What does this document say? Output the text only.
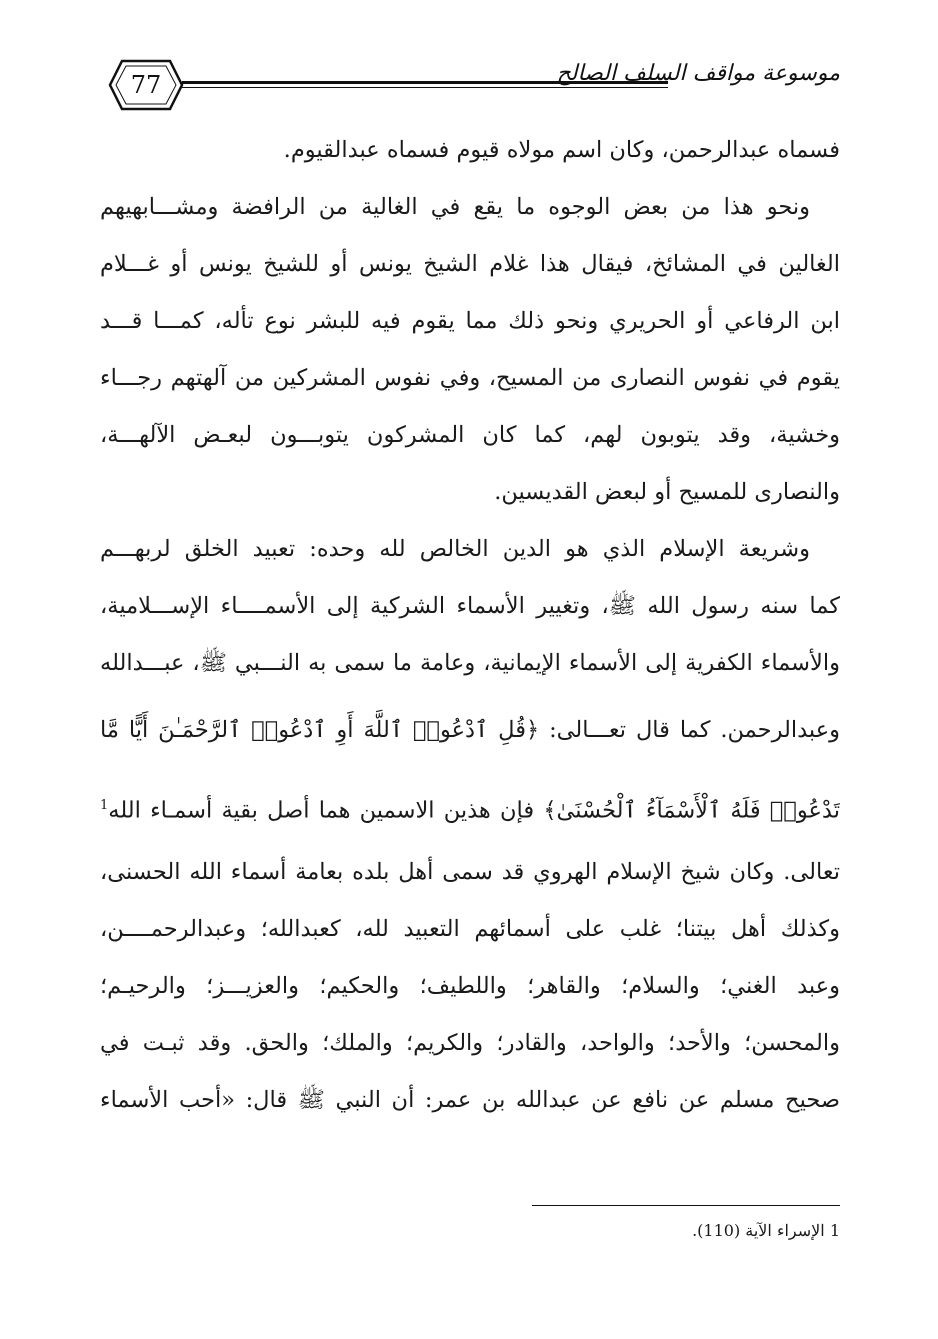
77	موسوعة مواقف السلف الصالح
فسماه عبدالرحمن، وكان اسم مولاه قيوم فسماه عبدالقيوم.
ونحو هذا من بعض الوجوه ما يقع في الغالية من الرافضة ومشـــابهيهم
الغالين في المشائخ، فيقال هذا غلام الشيخ يونس أو للشيخ يونس أو غـــلام
ابن الرفاعي أو الحريري ونحو ذلك مما يقوم فيه للبشر نوع تأله، كمـــا قـــد
يقوم في نفوس النصارى من المسيح، وفي نفوس المشركين من آلهتهم رجـــاء
وخشية، وقد يتوبون لهم، كما كان المشركون يتوبـــون لبعـض الآلهـــة،
والنصارى للمسيح أو لبعض القديسين.
وشريعة الإسلام الذي هو الدين الخالص لله وحده: تعبيد الخلق لربهـــم
كما سنه رسول الله ﷺ، وتغيير الأسماء الشركية إلى الأسمــــاء الإســـلامية،
والأسماء الكفرية إلى الأسماء الإيمانية، وعامة ما سمى به النـــبي ﷺ، عبـــدالله
وعبدالرحمن. كما قال تعـــالى: ﴿قُلِ ٱدْعُوا۟ ٱللَّهَ أَوِ ٱدْعُوا۟ ٱلرَّحْمَـٰنَ أَيًّا مَّا
تَدْعُوا۟ فَلَهُ ٱلْأَسْمَآءُ ٱلْحُسْنَىٰ﴾ فإن هذين الاسمين هما أصل بقية أسمـاء الله$^1$
تعالى. وكان شيخ الإسلام الهروي قد سمى أهل بلده بعامة أسماء الله الحسنى،
وكذلك أهل بيتنا؛ غلب على أسمائهم التعبيد لله، كعبدالله؛ وعبدالرحمــــن،
وعبد الغني؛ والسلام؛ والقاهر؛ واللطيف؛ والحكيم؛ والعزيـــز؛ والرحيـم؛
والمحسن؛ والأحد؛ والواحد، والقادر؛ والكريم؛ والملك؛ والحق. وقد ثبـت في
صحيح مسلم عن نافع عن عبدالله بن عمر: أن النبي ﷺ قال: «أحب الأسماء
1 الإسراء الآية (110).
